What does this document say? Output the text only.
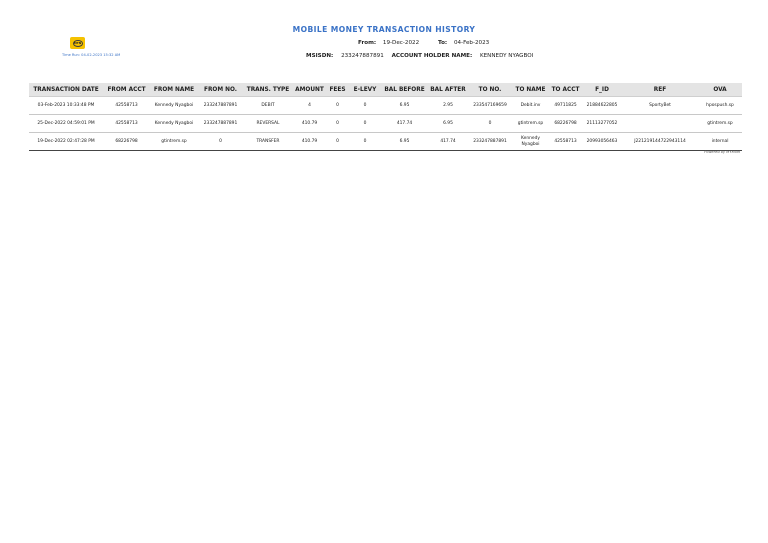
MOBILE MONEY TRANSACTION HISTORY
MTN
Time Run: 04-02-2023 15:32 AM
From: 19-Dec-2022	To: 04-Feb-2023
MSISDN: 233247887891 ACCOUNT HOLDER NAME: KENNEDY NYAGBOI
TRANSACTION DATE	FROM ACCT	FROM NAME	FROM NO.	TRANS. TYPE	AMOUNT	FEES	E-LEVY	BAL BEFORE	BAL AFTER	TO NO.	TO NAME	TO ACCT	F_ID	REF	OVA
03-Feb-2023 10:33:48 PM	42558713	Kennedy Nyagboi	233247887891	DEBIT	4	0	0	6.95	2.95	233547169659	Debit.inv	49711825	21884622805	SportyBet	hpospush.sp
25-Dec-2022 04:59:01 PM	42558713	Kennedy Nyagboi	233247887891	REVERSAL	410.79	0	0	417.74	6.95	0	gtintrem.sp	68226798	21113277052		gtintrem.sp
19-Dec-2022 02:47:28 PM	68226798	gtintrem.sp	0	TRANSFER	410.79	0	0	6.95	417.74	233247887891	Kennedy Nyagboi	42558713	20993056463	J221219144722943114	internal
Powered by MYMoM
